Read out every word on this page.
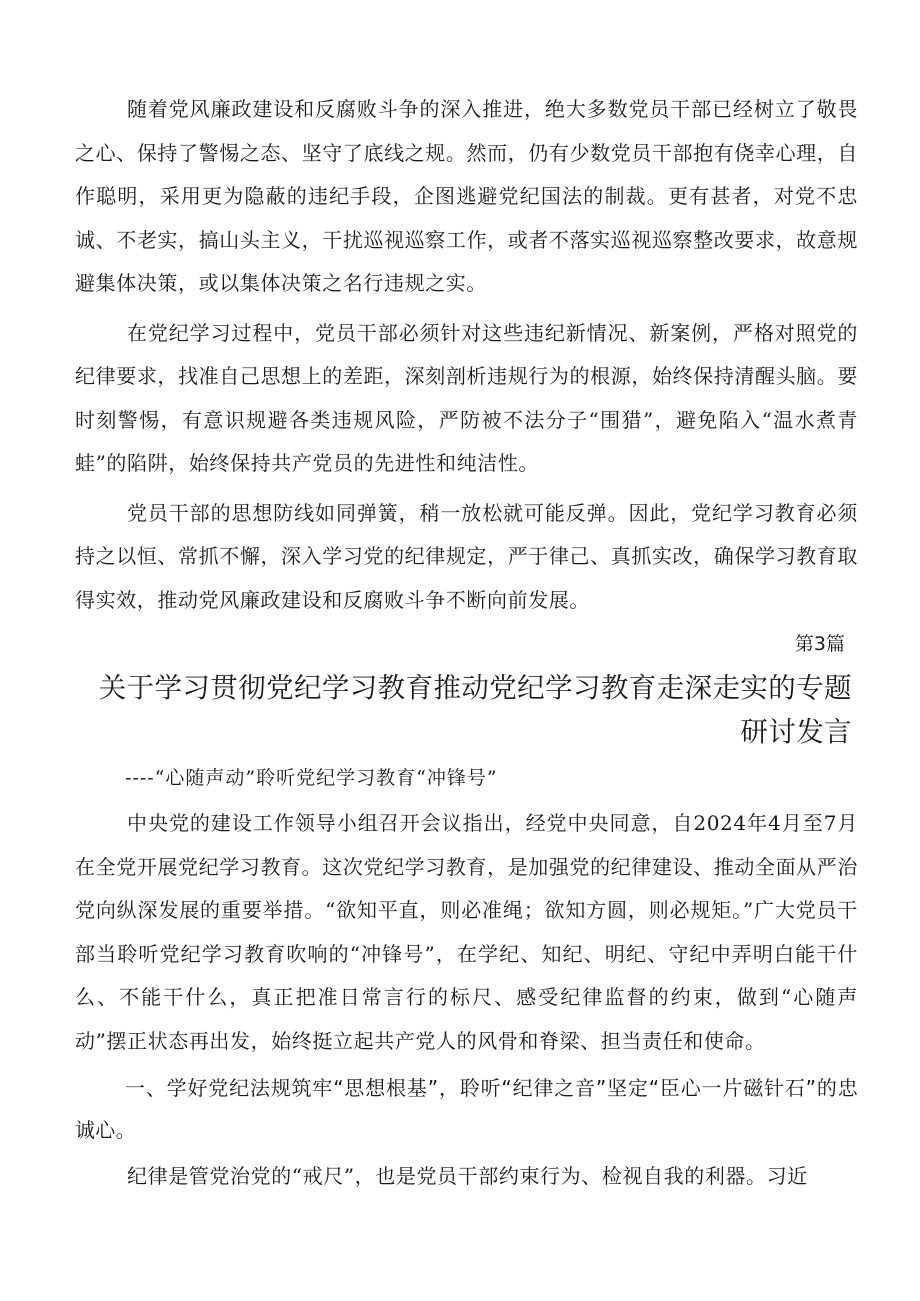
随着党风廉政建设和反腐败斗争的深入推进，绝大多数党员干部已经树立了敬畏之心、保持了警惕之态、坚守了底线之规。然而，仍有少数党员干部抱有侥幸心理，自作聪明，采用更为隐蔽的违纪手段，企图逃避党纪国法的制裁。更有甚者，对党不忠诚、不老实，搞山头主义，干扰巡视巡察工作，或者不落实巡视巡察整改要求，故意规避集体决策，或以集体决策之名行违规之实。

在党纪学习过程中，党员干部必须针对这些违纪新情况、新案例，严格对照党的纪律要求，找准自己思想上的差距，深刻剖析违规行为的根源，始终保持清醒头脑。要时刻警惕，有意识规避各类违规风险，严防被不法分子“围猎”，避免陷入“温水煮青蛙”的陷阱，始终保持共产党员的先进性和纯洁性。

党员干部的思想防线如同弹簧，稍一放松就可能反弹。因此，党纪学习教育必须持之以恒、常抓不懈，深入学习党的纪律规定，严于律己、真抓实改，确保学习教育取得实效，推动党风廉政建设和反腐败斗争不断向前发展。

第3篇
关于学习贯彻党纪学习教育推动党纪学习教育走深走实的专题研讨发言
----“心随声动”聆听党纪学习教育“冲锋号”

中央党的建设工作领导小组召开会议指出，经党中央同意，自2024年4月至7月在全党开展党纪学习教育。这次党纪学习教育，是加强党的纪律建设、推动全面从严治党向纵深发展的重要举措。“欲知平直，则必准绳；欲知方圆，则必规矩。”广大党员干部当聆听党纪学习教育吹响的“冲锋号”，在学纪、知纪、明纪、守纪中弄明白能干什么、不能干什么，真正把准日常言行的标尺、感受纪律监督的约束，做到“心随声动”摆正状态再出发，始终挺立起共产党人的风骨和脊梁、担当责任和使命。

一、学好党纪法规筑牢“思想根基”，聆听“纪律之音”坚定“臣心一片磁针石”的忠诚心。

纪律是管党治党的“戒尺”，也是党员干部约束行为、检视自我的利器。习近
